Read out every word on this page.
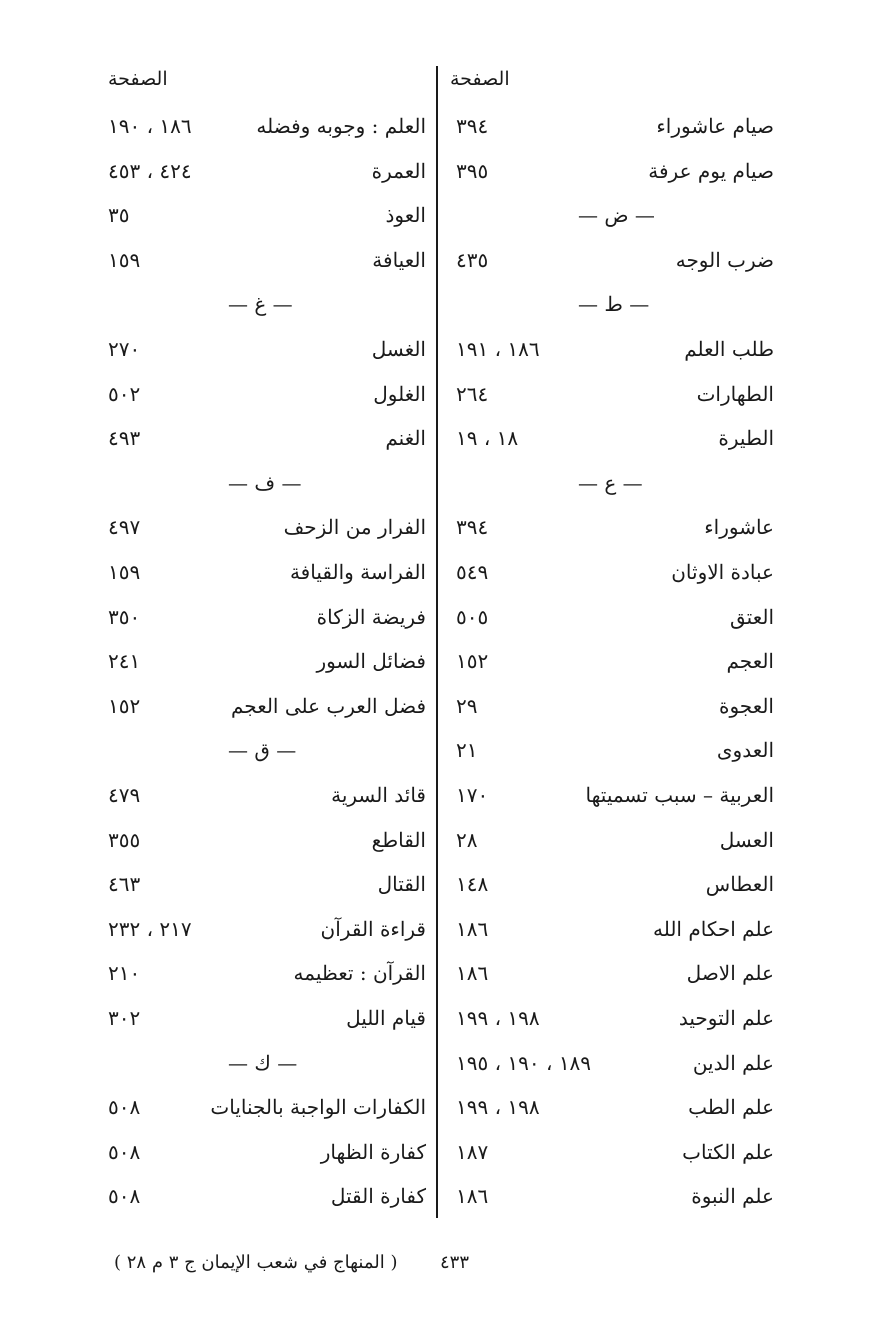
الصفحة
صيام عاشوراء
٣٩٤
صيام يوم عرفة
٣٩٥
— ض —
ضرب الوجه
٤٣٥
— ط —
طلب العلم
١٨٦ ، ١٩١
الطهارات
٢٦٤
الطيرة
١٨ ، ١٩
— ع —
عاشوراء
٣٩٤
عبادة الاوثان
٥٤٩
العتق
٥٠٥
العجم
١٥٢
العجوة
٢٩
العدوى
٢١
العربية – سبب تسميتها
١٧٠
العسل
٢٨
العطاس
١٤٨
علم احكام الله
١٨٦
علم الاصل
١٨٦
علم التوحيد
١٩٨ ، ١٩٩
علم الدين
١٨٩ ، ١٩٠ ، ١٩٥
علم الطب
١٩٨ ، ١٩٩
علم الكتاب
١٨٧
علم النبوة
١٨٦
الصفحة
العلم : وجوبه وفضله
١٨٦ ، ١٩٠
العمرة
٤٢٤ ، ٤٥٣
العوذ
٣٥
العيافة
١٥٩
— غ —
الغسل
٢٧٠
الغلول
٥٠٢
الغنم
٤٩٣
— ف —
الفرار من الزحف
٤٩٧
الفراسة والقيافة
١٥٩
فريضة الزكاة
٣٥٠
فضائل السور
٢٤١
فضل العرب على العجم
١٥٢
— ق —
قائد السرية
٤٧٩
القاطع
٣٥٥
القتال
٤٦٣
قراءة القرآن
٢١٧ ، ٢٣٢
القرآن : تعظيمه
٢١٠
قيام الليل
٣٠٢
— ك —
الكفارات الواجبة بالجنايات
٥٠٨
كفارة الظهار
٥٠٨
كفارة القتل
٥٠٨
٤٣٣
( المنهاج في شعب الإيمان ج ٣ م ٢٨ )
